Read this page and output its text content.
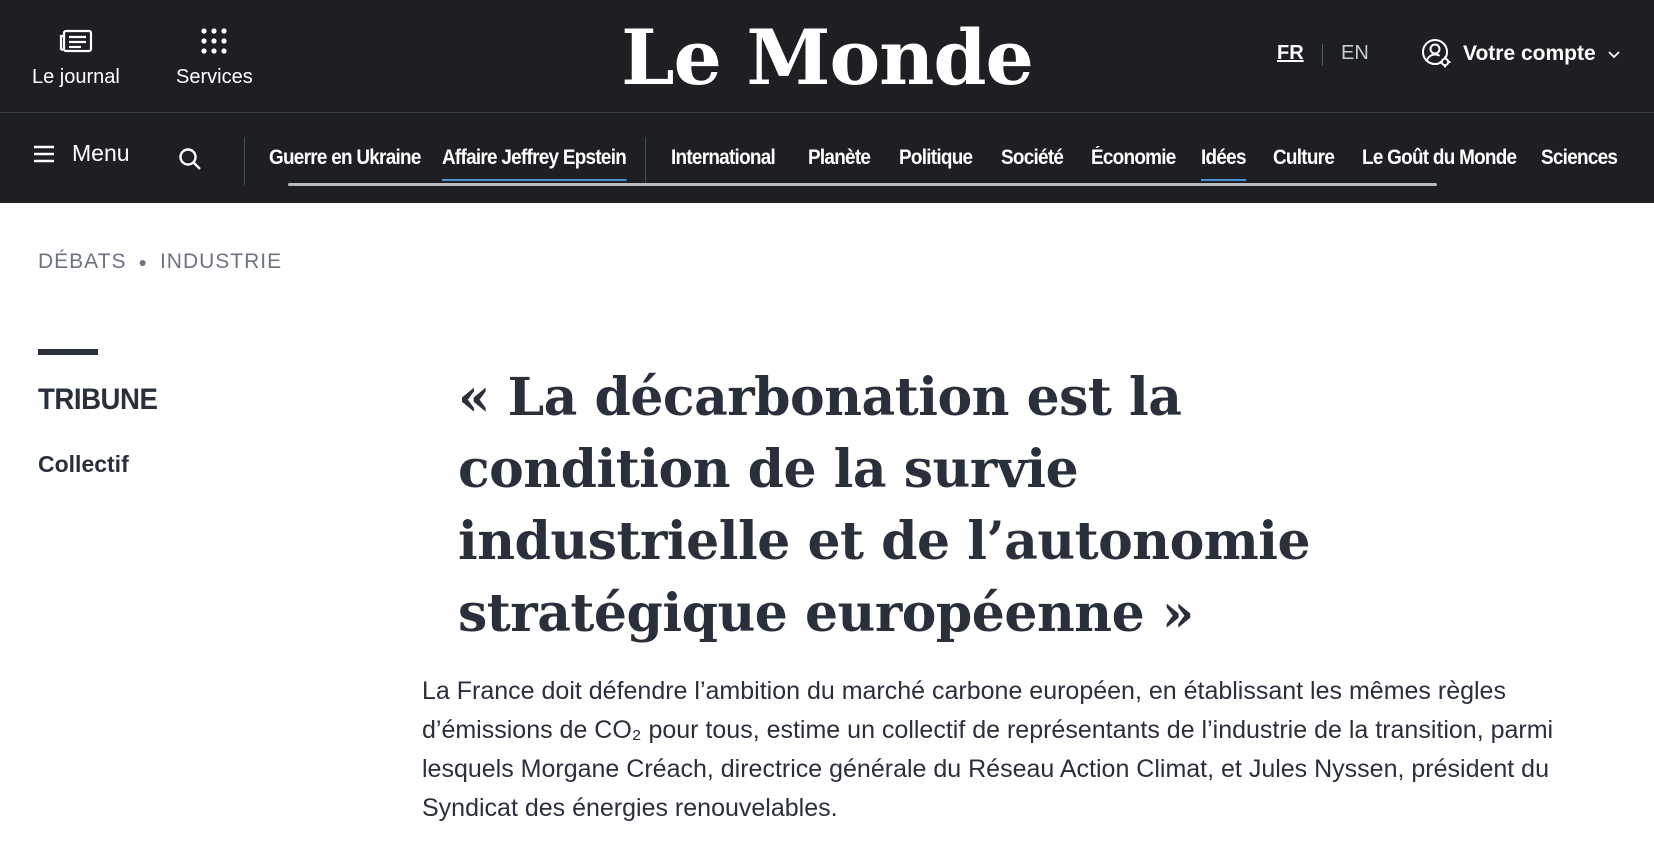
Le journal	Services	Le Monde	FR EN	Votre compte
Menu	Guerre en Ukraine Affaire Jeffrey Epstein International Planète Politique Société Économie Idées Culture Le Goût du Monde Sciences
DÉBATS ● INDUSTRIE
TRIBUNE
Collectif
« La décarbonation est la condition de la survie industrielle et de l’autonomie stratégique européenne »

La France doit défendre l’ambition du marché carbone européen, en établissant les mêmes règles d’émissions de CO₂ pour tous, estime un collectif de représentants de l’industrie de la transition, parmi lesquels Morgane Créach, directrice générale du Réseau Action Climat, et Jules Nyssen, président du Syndicat des énergies renouvelables.
